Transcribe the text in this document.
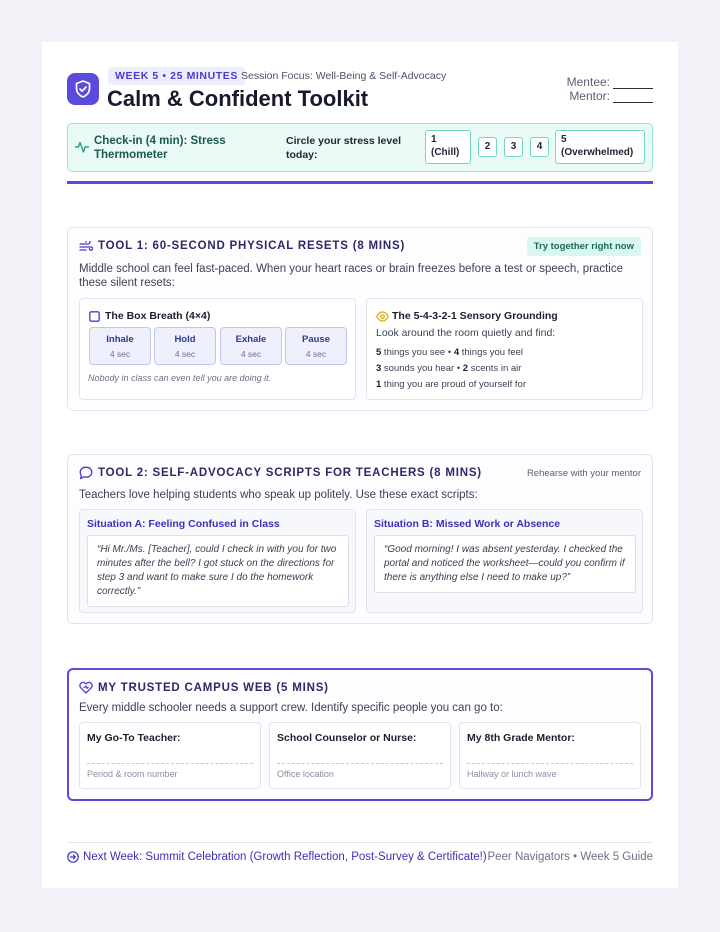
WEEK 5 • 25 MINUTES Session Focus: Well-Being & Self-Advocacy
Calm & Confident Toolkit
Mentee:
Mentor:
Check-in (4 min): Stress Thermometer
Circle your stress level today:
1 (Chill)
2	3	4
5 (Overwhelmed)
TOOL 1: 60-SECOND PHYSICAL RESETS (8 MINS)	Try together right now
Middle school can feel fast-paced. When your heart races or brain freezes before a test or speech, practice these silent resets:
The Box Breath (4×4)
Inhale
4 sec
Hold
4 sec
Exhale
4 sec
Pause
4 sec
Nobody in class can even tell you are doing it.
The 5-4-3-2-1 Sensory Grounding
Look around the room quietly and find:
5 things you see • 4 things you feel
3 sounds you hear • 2 scents in air
1 thing you are proud of yourself for
TOOL 2: SELF-ADVOCACY SCRIPTS FOR TEACHERS (8 MINS)	Rehearse with your mentor
Teachers love helping students who speak up politely. Use these exact scripts:
Situation A: Feeling Confused in Class
“Hi Mr./Ms. [Teacher], could I check in with you for two minutes after the bell? I got stuck on the directions for step 3 and want to make sure I do the homework correctly.”
Situation B: Missed Work or Absence
“Good morning! I was absent yesterday. I checked the portal and noticed the worksheet—could you confirm if there is anything else I need to make up?”
MY TRUSTED CAMPUS WEB (5 MINS)
Every middle schooler needs a support crew. Identify specific people you can go to:
My Go-To Teacher:
Period & room number
School Counselor or Nurse:
Office location
My 8th Grade Mentor:
Hallway or lunch wave
Next Week: Summit Celebration (Growth Reflection, Post-Survey & Certificate!) Peer Navigators • Week 5 Guide
